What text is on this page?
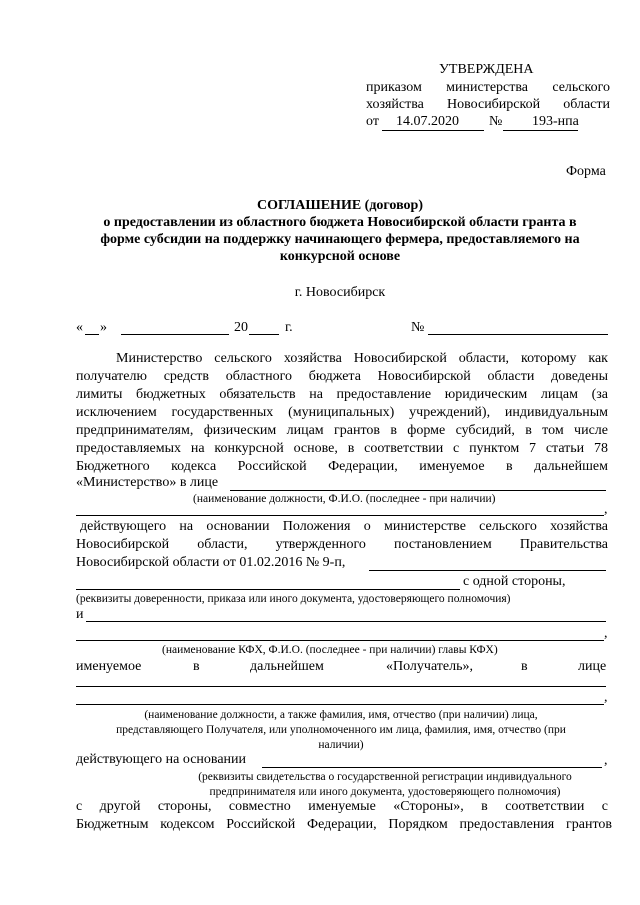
УТВЕРЖДЕНА
приказом министерства сельского
хозяйства Новосибирской области
от 14.07.2020 № 193-нпа
Форма
СОГЛАШЕНИЕ (договор)
о предоставлении из областного бюджета Новосибирской области гранта в
форме субсидии на поддержку начинающего фермера, предоставляемого на
конкурсной основе
г. Новосибирск
« »	20	г.	№
Министерство сельского хозяйства Новосибирской области, которому как
получателю средств областного бюджета Новосибирской области доведены
лимиты бюджетных обязательств на предоставление юридическим лицам (за
исключением государственных (муниципальных) учреждений), индивидуальным
предпринимателям, физическим лицам грантов в форме субсидий, в том числе
предоставляемых на конкурсной основе, в соответствии с пунктом 7 статьи 78
Бюджетного кодекса Российской Федерации, именуемое в дальнейшем
«Министерство» в лице
(наименование должности, Ф.И.О. (последнее - при наличии)
,
действующего на основании Положения о министерстве сельского хозяйства
Новосибирской области, утвержденного постановлением Правительства
Новосибирской области от 01.02.2016 № 9-п,
с одной стороны,
(реквизиты доверенности, приказа или иного документа, удостоверяющего полномочия)
и
,
(наименование КФХ, Ф.И.О. (последнее - при наличии) главы КФХ)
именуемое	в	дальнейшем	«Получатель»,	в	лице
,
(наименование должности, а также фамилия, имя, отчество (при наличии) лица,
представляющего Получателя, или уполномоченного им лица, фамилия, имя, отчество (при
наличии)
действующего на основании	,
(реквизиты свидетельства о государственной регистрации индивидуального
предпринимателя или иного документа, удостоверяющего полномочия)
с другой стороны, совместно именуемые «Стороны», в соответствии с
Бюджетным кодексом Российской Федерации, Порядком предоставления грантов
